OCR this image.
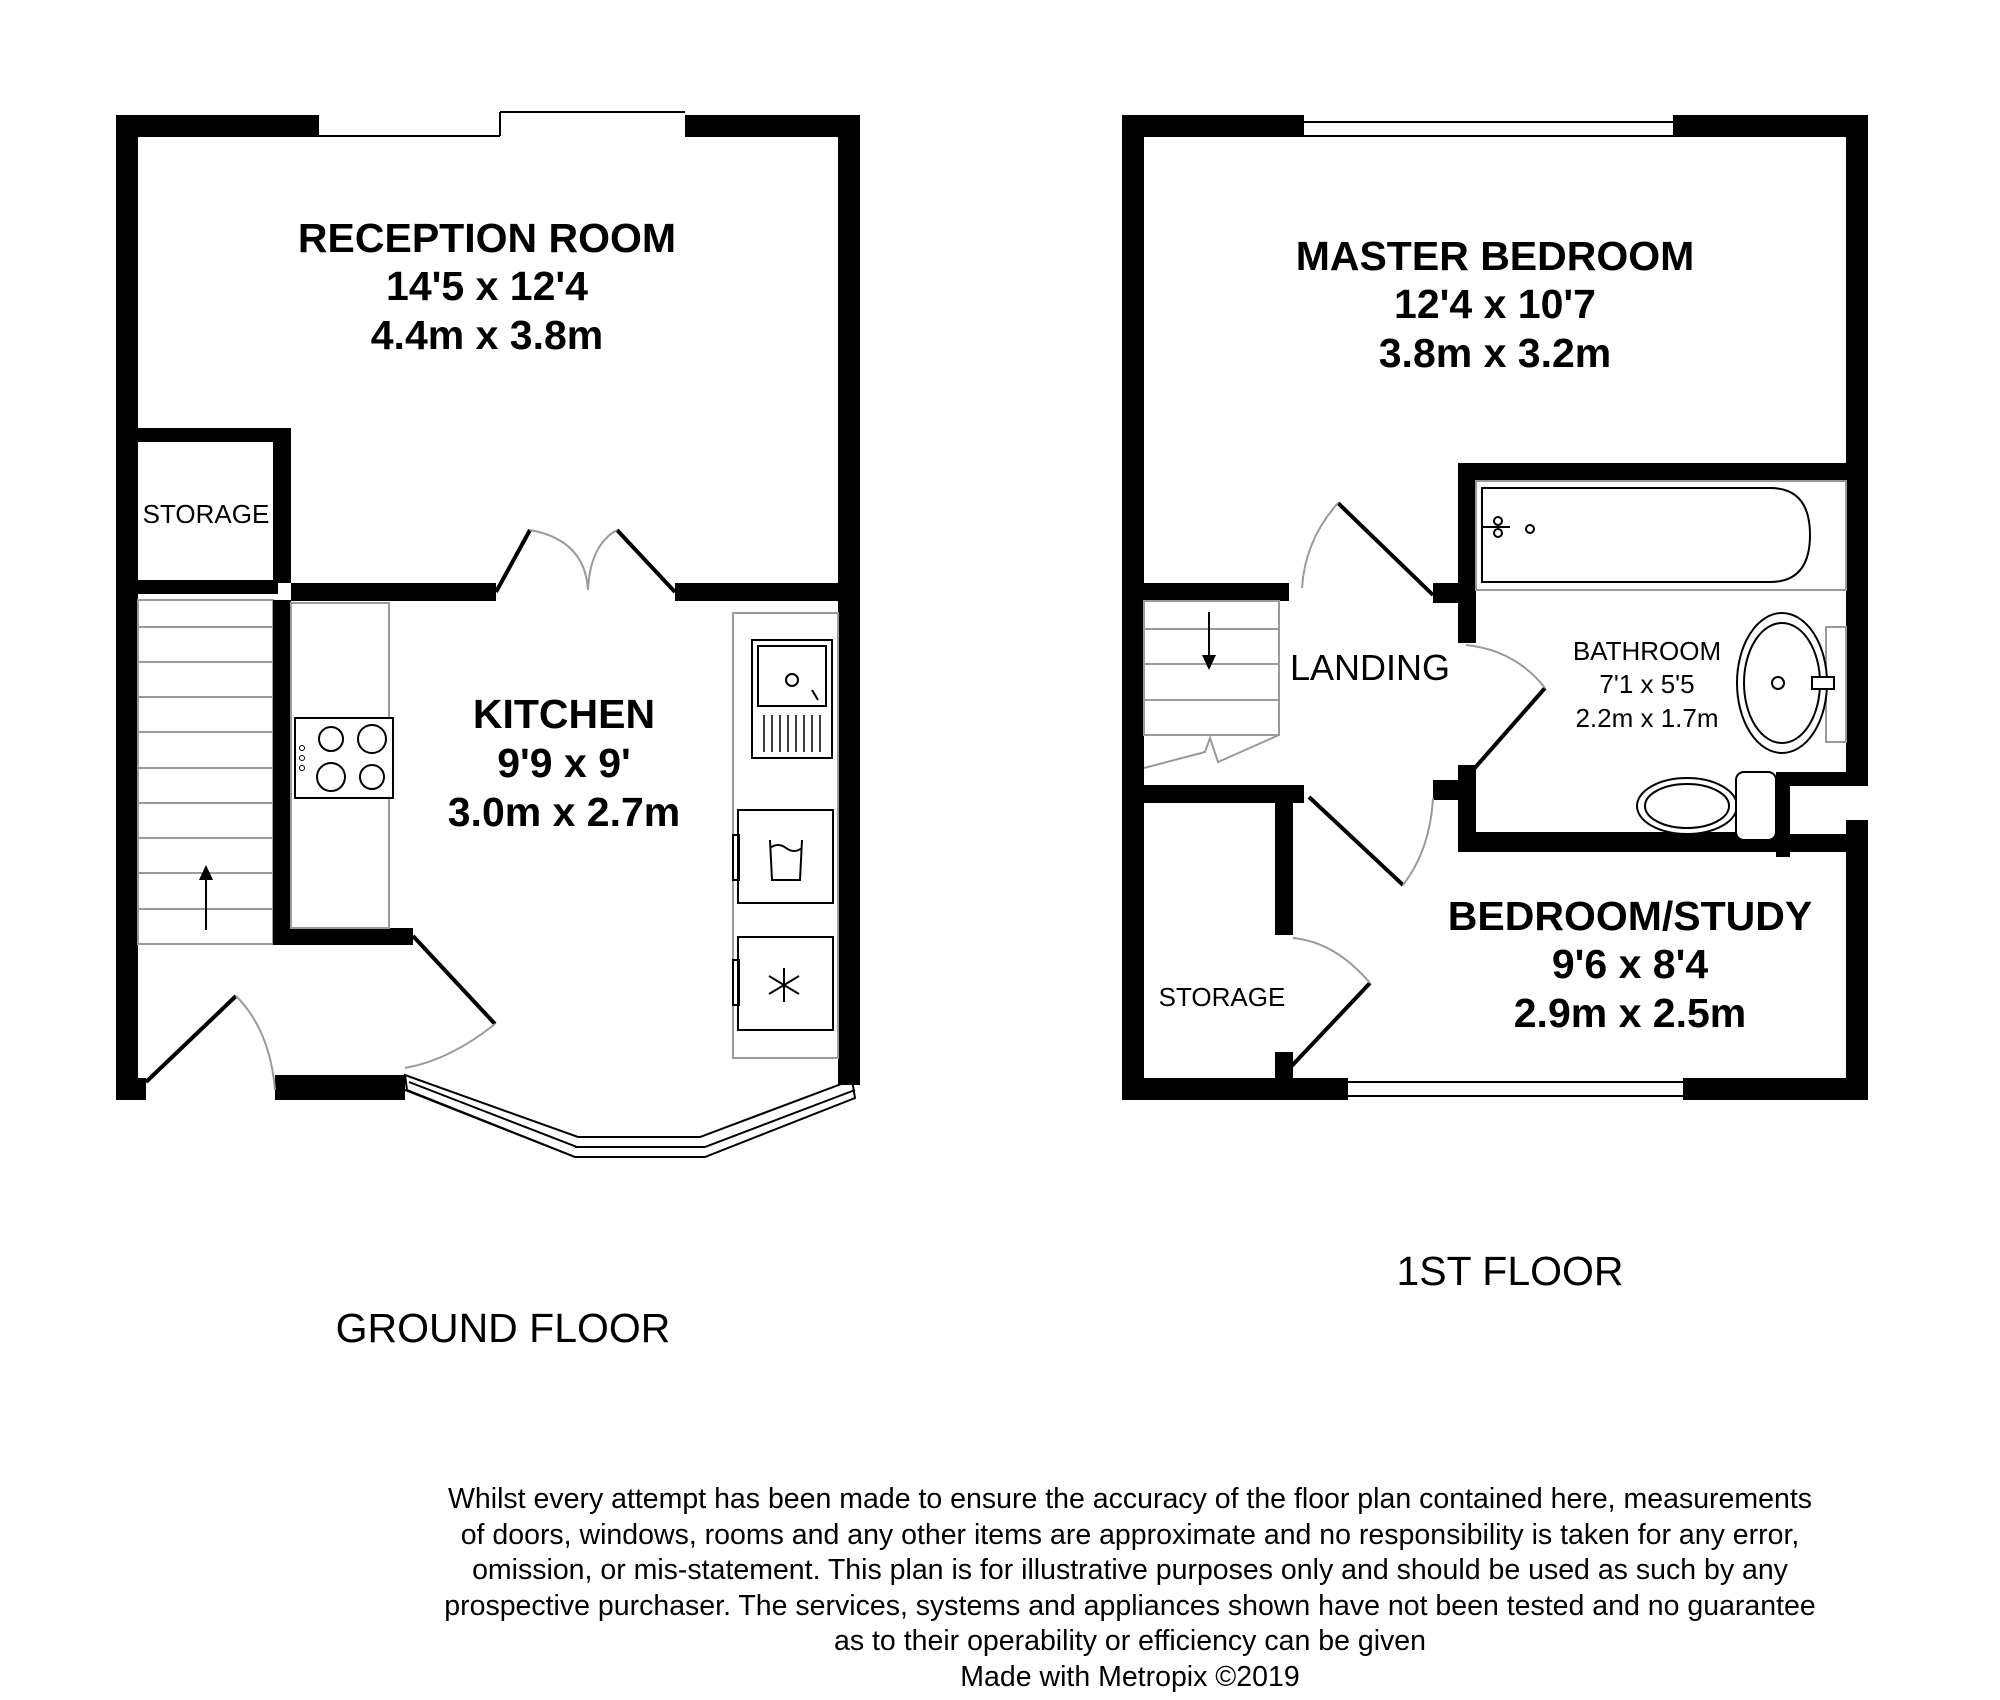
RECEPTION ROOM
14'5 x 12'4
4.4m x 3.8m
STORAGE
KITCHEN
9'9 x 9'
3.0m x 2.7m
GROUND FLOOR
MASTER BEDROOM
12'4 x 10'7
3.8m x 3.2m
BATHROOM
7'1 x 5'5
2.2m x 1.7m
LANDING
BEDROOM/STUDY
9'6 x 8'4
2.9m x 2.5m
STORAGE
1ST FLOOR
Whilst every attempt has been made to ensure the accuracy of the floor plan contained here, measurements
of doors, windows, rooms and any other items are approximate and no responsibility is taken for any error,
omission, or mis-statement. This plan is for illustrative purposes only and should be used as such by any
prospective purchaser. The services, systems and appliances shown have not been tested and no guarantee
as to their operability or efficiency can be given
Made with Metropix ©2019
